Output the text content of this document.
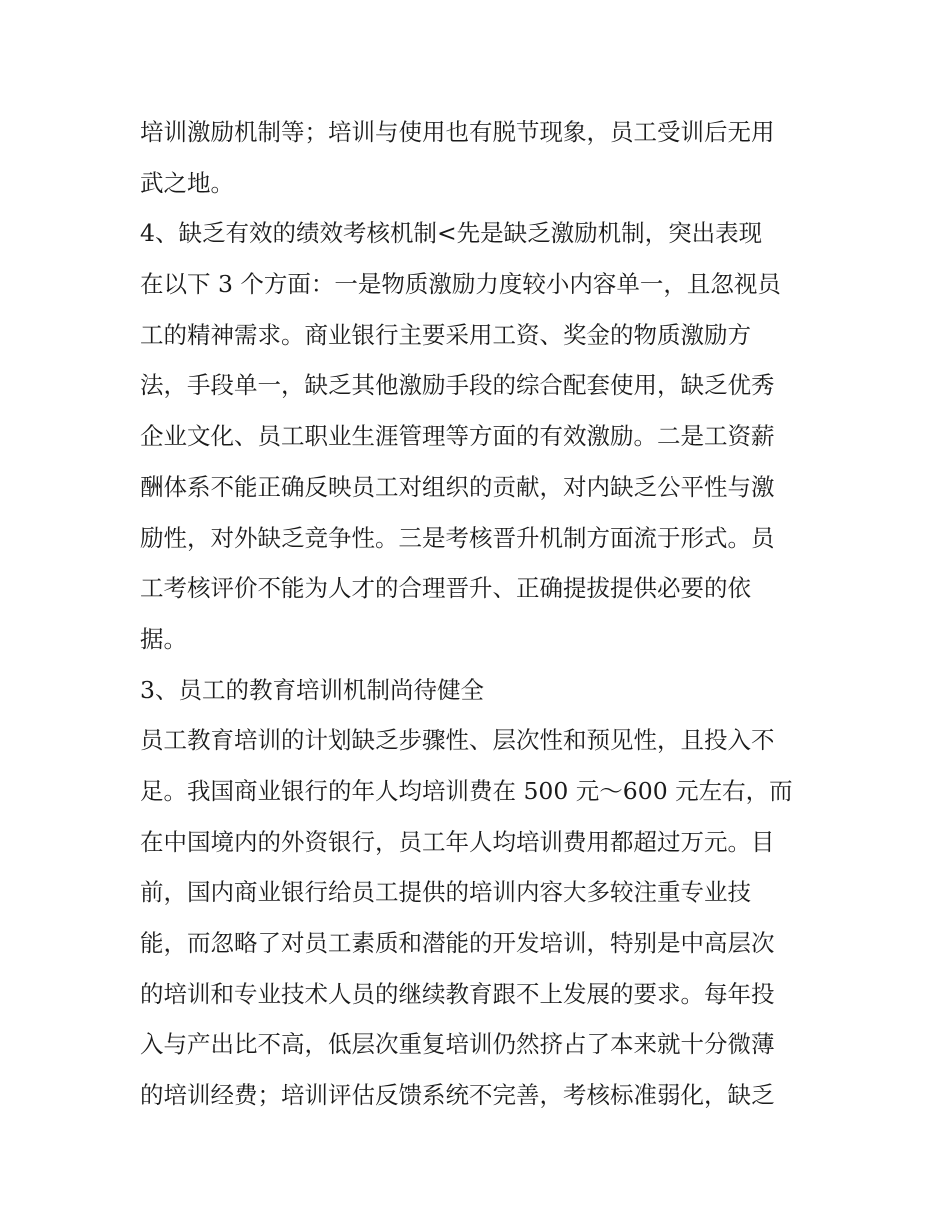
培训激励机制等；培训与使用也有脱节现象，员工受训后无用
武之地。
4、缺乏有效的绩效考核机制<先是缺乏激励机制，突出表现
在以下 3 个方面：一是物质激励力度较小内容单一，且忽视员
工的精神需求。商业银行主要采用工资、奖金的物质激励方
法，手段单一，缺乏其他激励手段的综合配套使用，缺乏优秀
企业文化、员工职业生涯管理等方面的有效激励。二是工资薪
酬体系不能正确反映员工对组织的贡献，对内缺乏公平性与激
励性，对外缺乏竞争性。三是考核晋升机制方面流于形式。员
工考核评价不能为人才的合理晋升、正确提拔提供必要的依
据。
3、员工的教育培训机制尚待健全
员工教育培训的计划缺乏步骤性、层次性和预见性，且投入不
足。我国商业银行的年人均培训费在 500 元～600 元左右，而
在中国境内的外资银行，员工年人均培训费用都超过万元。目
前，国内商业银行给员工提供的培训内容大多较注重专业技
能，而忽略了对员工素质和潜能的开发培训，特别是中高层次
的培训和专业技术人员的继续教育跟不上发展的要求。每年投
入与产出比不高，低层次重复培训仍然挤占了本来就十分微薄
的培训经费；培训评估反馈系统不完善，考核标准弱化，缺乏
